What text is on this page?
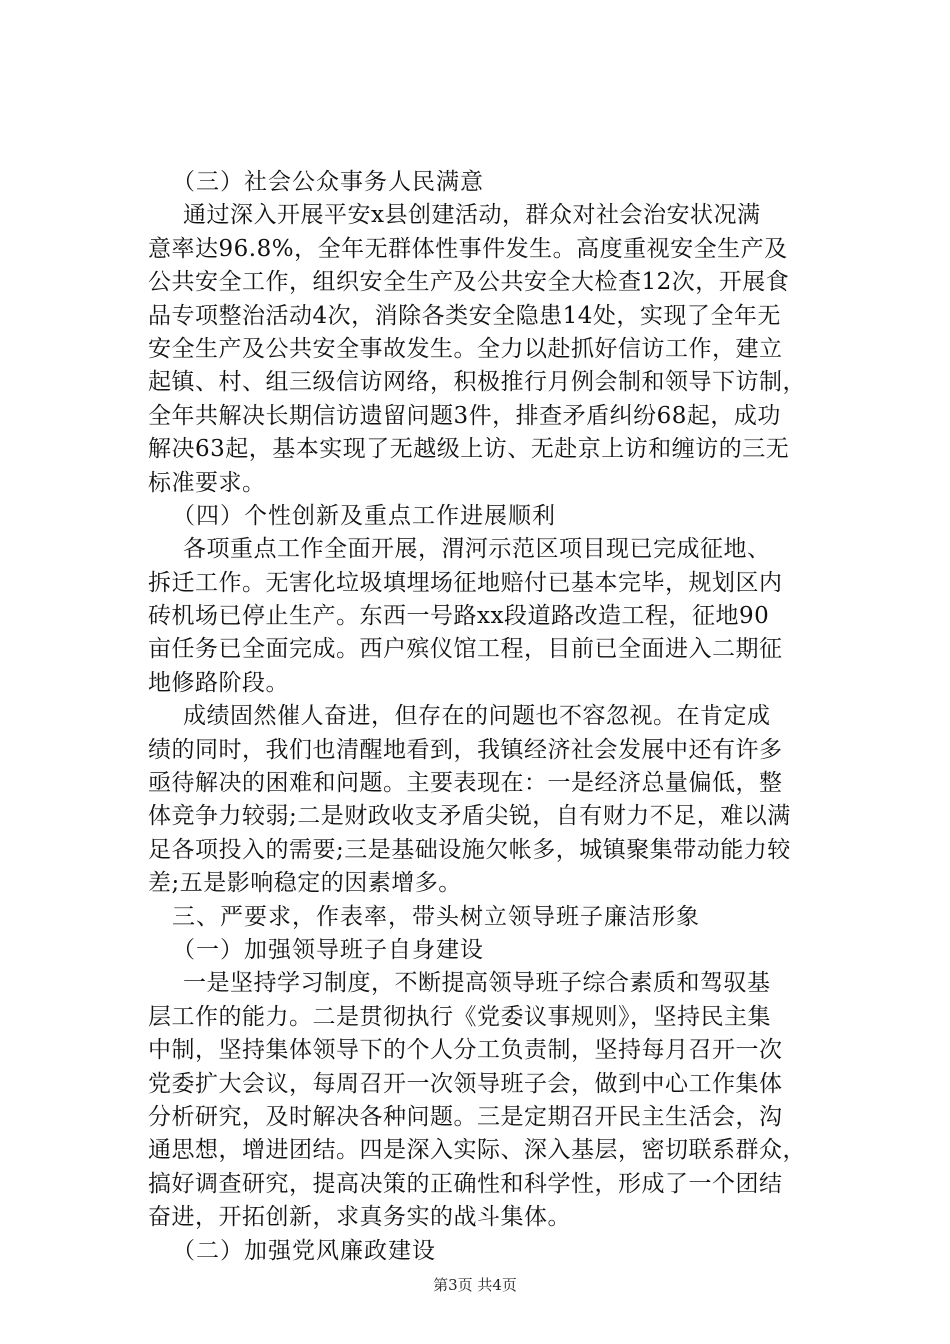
（三）社会公众事务人民满意
通过深入开展平安x县创建活动，群众对社会治安状况满
意率达96.8%，全年无群体性事件发生。高度重视安全生产及
公共安全工作，组织安全生产及公共安全大检查12次，开展食
品专项整治活动4次，消除各类安全隐患14处，实现了全年无
安全生产及公共安全事故发生。全力以赴抓好信访工作，建立
起镇、村、组三级信访网络，积极推行月例会制和领导下访制，
全年共解决长期信访遗留问题3件，排查矛盾纠纷68起，成功
解决63起，基本实现了无越级上访、无赴京上访和缠访的三无
标准要求。
（四）个性创新及重点工作进展顺利
各项重点工作全面开展，渭河示范区项目现已完成征地、
拆迁工作。无害化垃圾填埋场征地赔付已基本完毕，规划区内
砖机场已停止生产。东西一号路xx段道路改造工程，征地90
亩任务已全面完成。西户殡仪馆工程，目前已全面进入二期征
地修路阶段。
成绩固然催人奋进，但存在的问题也不容忽视。在肯定成
绩的同时，我们也清醒地看到，我镇经济社会发展中还有许多
亟待解决的困难和问题。主要表现在：一是经济总量偏低，整
体竞争力较弱;二是财政收支矛盾尖锐，自有财力不足，难以满
足各项投入的需要;三是基础设施欠帐多，城镇聚集带动能力较
差;五是影响稳定的因素增多。
三、严要求，作表率，带头树立领导班子廉洁形象
（一）加强领导班子自身建设
一是坚持学习制度，不断提高领导班子综合素质和驾驭基
层工作的能力。二是贯彻执行《党委议事规则》，坚持民主集
中制，坚持集体领导下的个人分工负责制，坚持每月召开一次
党委扩大会议，每周召开一次领导班子会，做到中心工作集体
分析研究，及时解决各种问题。三是定期召开民主生活会，沟
通思想，增进团结。四是深入实际、深入基层，密切联系群众，
搞好调查研究，提高决策的正确性和科学性，形成了一个团结
奋进，开拓创新，求真务实的战斗集体。
（二）加强党风廉政建设
第3页 共4页
